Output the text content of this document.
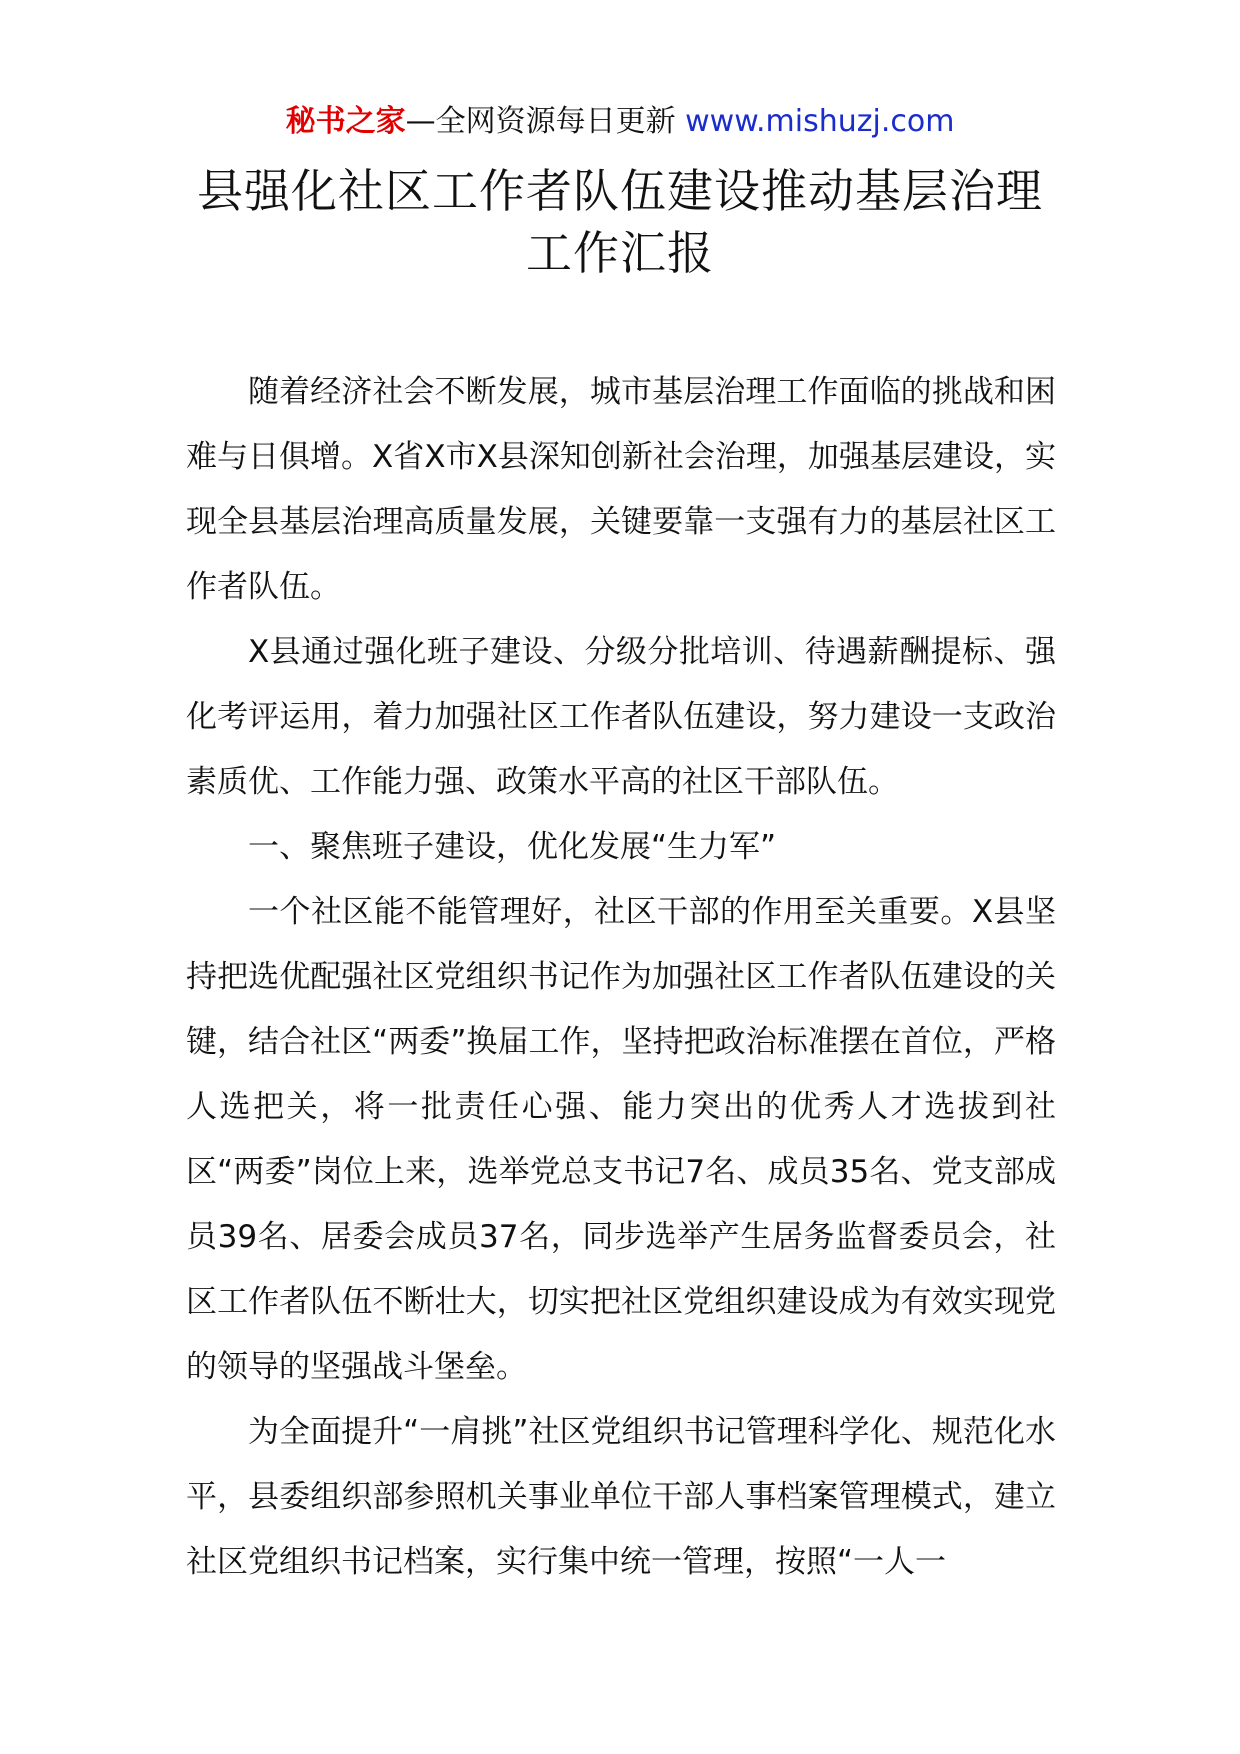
秘书之家—全网资源每日更新 www.mishuzj.com
县强化社区工作者队伍建设推动基层治理
工作汇报

随着经济社会不断发展，城市基层治理工作面临的挑战和困难与日俱增。X省X市X县深知创新社会治理，加强基层建设，实现全县基层治理高质量发展，关键要靠一支强有力的基层社区工作者队伍。

X县通过强化班子建设、分级分批培训、待遇薪酬提标、强化考评运用，着力加强社区工作者队伍建设，努力建设一支政治素质优、工作能力强、政策水平高的社区干部队伍。

一、聚焦班子建设，优化发展“生力军”

一个社区能不能管理好，社区干部的作用至关重要。X县坚持把选优配强社区党组织书记作为加强社区工作者队伍建设的关键，结合社区“两委”换届工作，坚持把政治标准摆在首位，严格人选把关，将一批责任心强、能力突出的优秀人才选拔到社区“两委”岗位上来，选举党总支书记7名、成员35名、党支部成员39名、居委会成员37名，同步选举产生居务监督委员会，社区工作者队伍不断壮大，切实把社区党组织建设成为有效实现党的领导的坚强战斗堡垒。

为全面提升“一肩挑”社区党组织书记管理科学化、规范化水平，县委组织部参照机关事业单位干部人事档案管理模式，建立社区党组织书记档案，实行集中统一管理，按照“一人一
